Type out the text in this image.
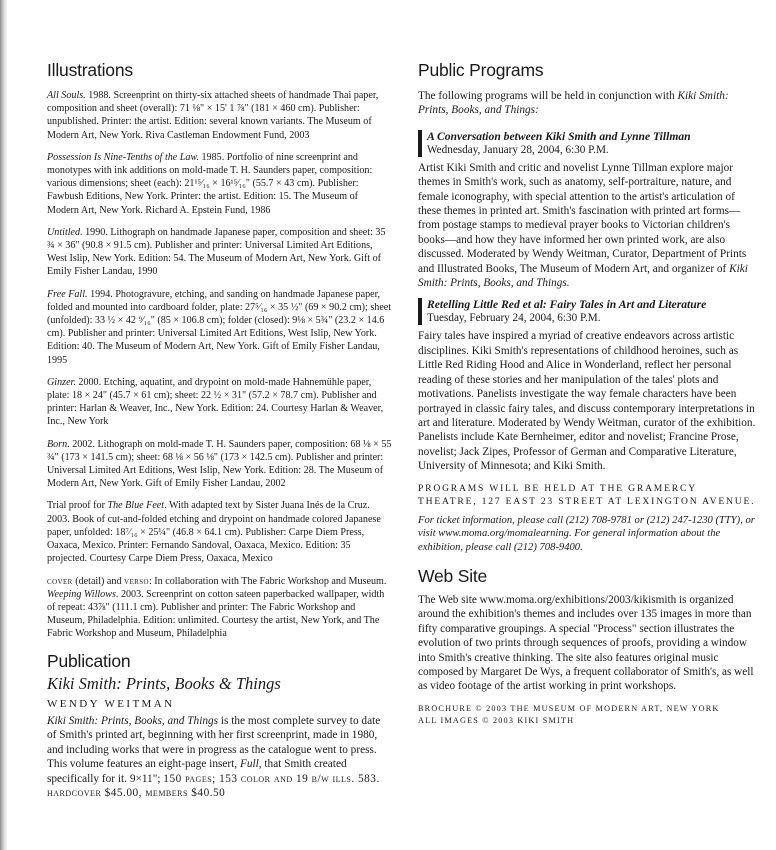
Illustrations

All Souls. 1988. Screenprint on thirty-six attached sheets of handmade Thai paper, composition and sheet (overall): 71 ⅛" × 15' 1 ⅞" (181 × 460 cm). Publisher: unpublished. Printer: the artist. Edition: several known variants. The Museum of Modern Art, New York. Riva Castleman Endowment Fund, 2003

Possession Is Nine-Tenths of the Law. 1985. Portfolio of nine screenprint and monotypes with ink additions on mold-made T. H. Saunders paper, composition: various dimensions; sheet (each): 21¹⁵⁄₁₆ × 16¹⁵⁄₁₆" (55.7 × 43 cm). Publisher: Fawbush Editions, New York. Printer: the artist. Edition: 15. The Museum of Modern Art, New York. Richard A. Epstein Fund, 1986

Untitled. 1990. Lithograph on handmade Japanese paper, composition and sheet: 35 ¾ × 36" (90.8 × 91.5 cm). Publisher and printer: Universal Limited Art Editions, West Islip, New York. Edition: 54. The Museum of Modern Art, New York. Gift of Emily Fisher Landau, 1990

Free Fall. 1994. Photogravure, etching, and sanding on handmade Japanese paper, folded and mounted into cardboard folder, plate: 27⁵⁄₁₆ × 35 ½" (69 × 90.2 cm); sheet (unfolded): 33 ½ × 42 ⁹⁄₁₆" (85 × 106.8 cm); folder (closed): 9⅛ × 5¾" (23.2 × 14.6 cm). Publisher and printer: Universal Limited Art Editions, West Islip, New York. Edition: 40. The Museum of Modern Art, New York. Gift of Emily Fisher Landau, 1995

Ginzer. 2000. Etching, aquatint, and drypoint on mold-made Hahnemühle paper, plate: 18 × 24" (45.7 × 61 cm); sheet: 22 ½ × 31" (57.2 × 78.7 cm). Publisher and printer: Harlan & Weaver, Inc., New York. Edition: 24. Courtesy Harlan & Weaver, Inc., New York

Born. 2002. Lithograph on mold-made T. H. Saunders paper, composition: 68 ⅛ × 55 ¾" (173 × 141.5 cm); sheet: 68 ⅛ × 56 ⅛" (173 × 142.5 cm). Publisher and printer: Universal Limited Art Editions, West Islip, New York. Edition: 28. The Museum of Modern Art, New York. Gift of Emily Fisher Landau, 2002

Trial proof for The Blue Feet. With adapted text by Sister Juana Inés de la Cruz. 2003. Book of cut-and-folded etching and drypoint on handmade colored Japanese paper, unfolded: 18⁷⁄₁₆ × 25¼" (46.8 × 64.1 cm). Publisher: Carpe Diem Press, Oaxaca, Mexico. Printer: Fernando Sandoval, Oaxaca, Mexico. Edition: 35 projected. Courtesy Carpe Diem Press, Oaxaca, Mexico

cover (detail) and verso: In collaboration with The Fabric Workshop and Museum. Weeping Willows. 2003. Screenprint on cotton sateen paperbacked wallpaper, width of repeat: 43⅞" (111.1 cm). Publisher and printer: The Fabric Workshop and Museum, Philadelphia. Edition: unlimited. Courtesy the artist, New York, and The Fabric Workshop and Museum, Philadelphia

Publication
Kiki Smith: Prints, Books & Things
WENDY WEITMAN

Kiki Smith: Prints, Books, and Things is the most complete survey to date of Smith's printed art, beginning with her first screenprint, made in 1980, and including works that were in progress as the catalogue went to press. This volume features an eight-page insert, Full, that Smith created specifically for it. 9×11"; 150 pages; 153 color and 19 b/w ills. 583. hardcover $45.00, members $40.50

Public Programs

The following programs will be held in conjunction with Kiki Smith: Prints, Books, and Things:

A Conversation between Kiki Smith and Lynne Tillman
Wednesday, January 28, 2004, 6:30 P.M.

Artist Kiki Smith and critic and novelist Lynne Tillman explore major themes in Smith's work, such as anatomy, self-portraiture, nature, and female iconography, with special attention to the artist's articulation of these themes in printed art. Smith's fascination with printed art forms—from postage stamps to medieval prayer books to Victorian children's books—and how they have informed her own printed work, are also discussed. Moderated by Wendy Weitman, Curator, Department of Prints and Illustrated Books, The Museum of Modern Art, and organizer of Kiki Smith: Prints, Books, and Things.

Retelling Little Red et al: Fairy Tales in Art and Literature
Tuesday, February 24, 2004, 6:30 P.M.

Fairy tales have inspired a myriad of creative endeavors across artistic disciplines. Kiki Smith's representations of childhood heroines, such as Little Red Riding Hood and Alice in Wonderland, reflect her personal reading of these stories and her manipulation of the tales' plots and motivations. Panelists investigate the way female characters have been portrayed in classic fairy tales, and discuss contemporary interpretations in art and literature. Moderated by Wendy Weitman, curator of the exhibition. Panelists include Kate Bernheimer, editor and novelist; Francine Prose, novelist; Jack Zipes, Professor of German and Comparative Literature, University of Minnesota; and Kiki Smith.

PROGRAMS WILL BE HELD AT THE GRAMERCY THEATRE, 127 EAST 23 STREET AT LEXINGTON AVENUE.

For ticket information, please call (212) 708-9781 or (212) 247-1230 (TTY), or visit www.moma.org/momalearning. For general information about the exhibition, please call (212) 708-9400.

Web Site

The Web site www.moma.org/exhibitions/2003/kikismith is organized around the exhibition's themes and includes over 135 images in more than fifty comparative groupings. A special "Process" section illustrates the evolution of two prints through sequences of proofs, providing a window into Smith's creative thinking. The site also features original music composed by Margaret De Wys, a frequent collaborator of Smith's, as well as video footage of the artist working in print workshops.

BROCHURE © 2003 THE MUSEUM OF MODERN ART, NEW YORK
ALL IMAGES © 2003 KIKI SMITH
